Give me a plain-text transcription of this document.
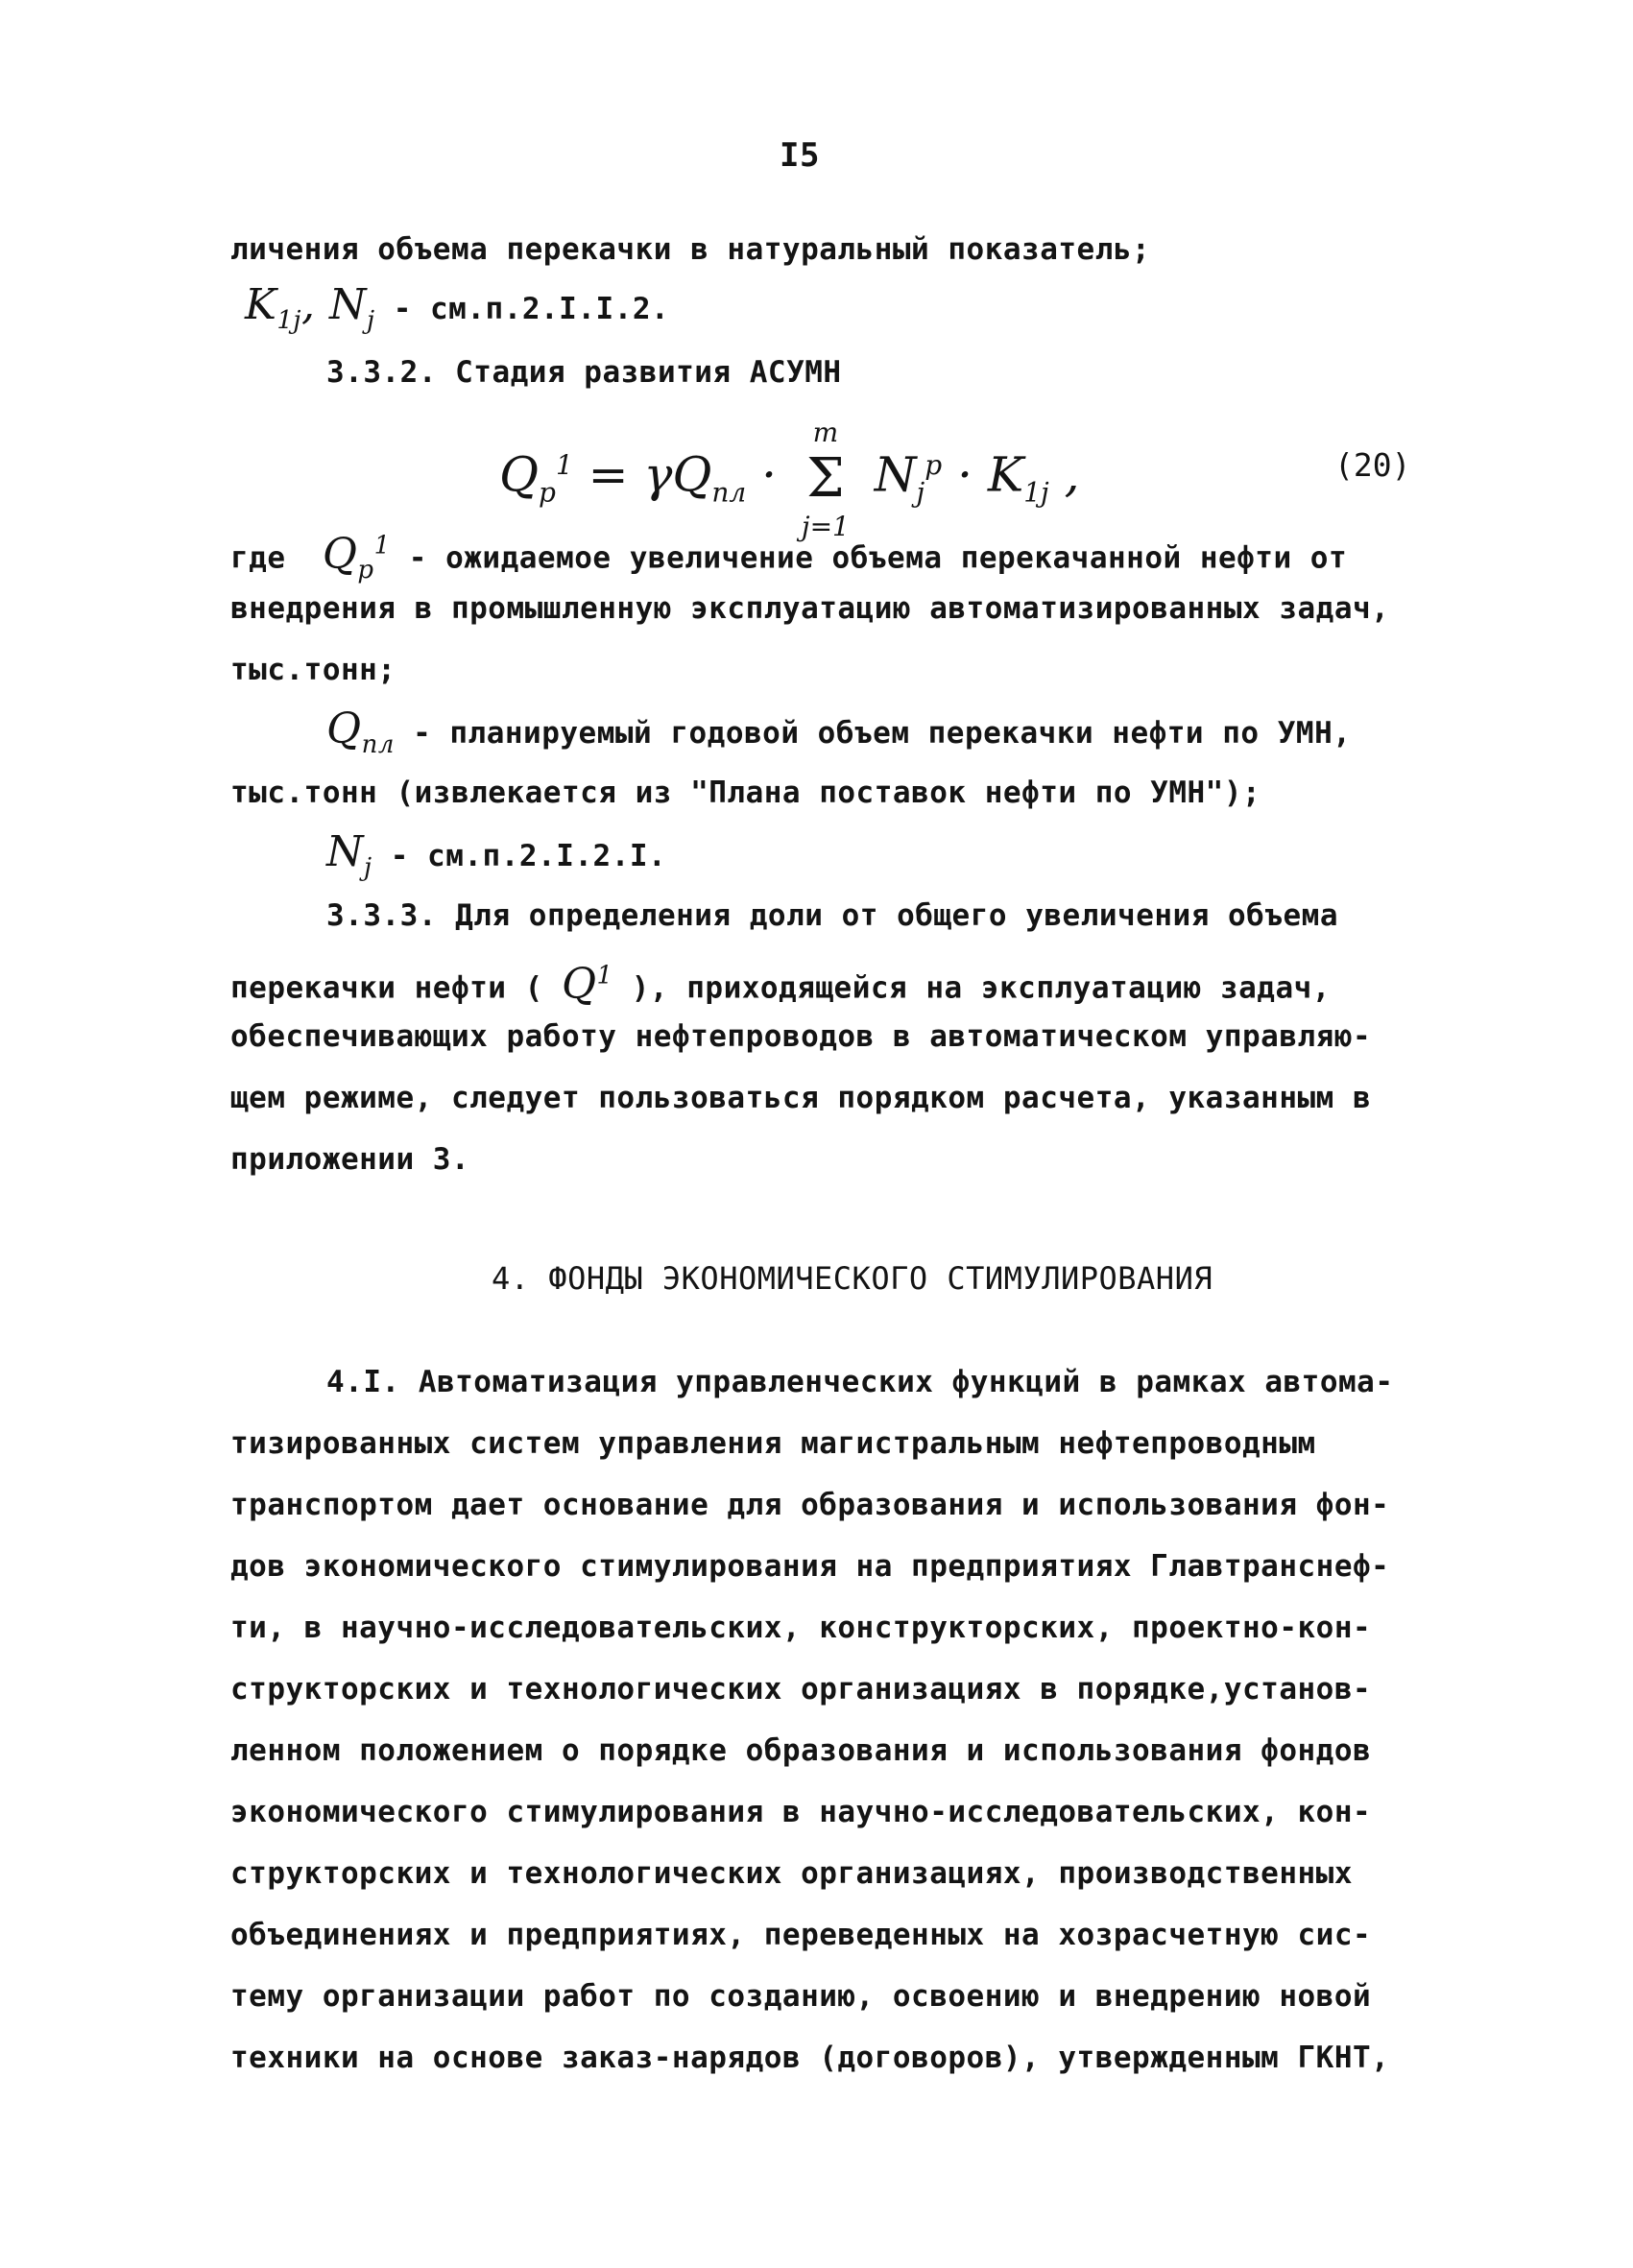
I5
личения объема перекачки в натуральный показатель;
$K_{1j}$, $N_j - см.п.2.I.I.2$.
3.3.2. Стадия развития АСУМН
$Q_p^1 = \gamma Q_{пл}$ ·
m
Σ
j=1
$N_j^p \cdot K_{1j}$ ,	(20)
где $Q_p^1$ - ожидаемое увеличение объема перекачанной нефти от
внедрения в промышленную эксплуатацию автоматизированных задач,
тыс.тонн;
$Q_{пл}$ - планируемый годовой объем перекачки нефти по УМН,
тыс.тонн (извлекается из "Плана поставок нефти по УМН");
$N_j - см.п.2.I.2.I$.
3.3.3. Для определения доли от общего увеличения объема
перекачки нефти ( $Q^1$ ), приходящейся на эксплуатацию задач,
обеспечивающих работу нефтепроводов в автоматическом управляю-
щем режиме, следует пользоваться порядком расчета, указанным в
приложении 3.
4. ФОНДЫ ЭКОНОМИЧЕСКОГО СТИМУЛИРОВАНИЯ
4.I. Автоматизация управленческих функций в рамках автома-
тизированных систем управления магистральным нефтепроводным
транспортом дает основание для образования и использования фон-
дов экономического стимулирования на предприятиях Главтранснеф-
ти, в научно-исследовательских, конструкторских, проектно-кон-
структорских и технологических организациях в порядке,установ-
ленном положением о порядке образования и использования фондов
экономического стимулирования в научно-исследовательских, кон-
структорских и технологических организациях, производственных
объединениях и предприятиях, переведенных на хозрасчетную сис-
тему организации работ по созданию, освоению и внедрению новой
техники на основе заказ-нарядов (договоров), утвержденным ГКНТ,
